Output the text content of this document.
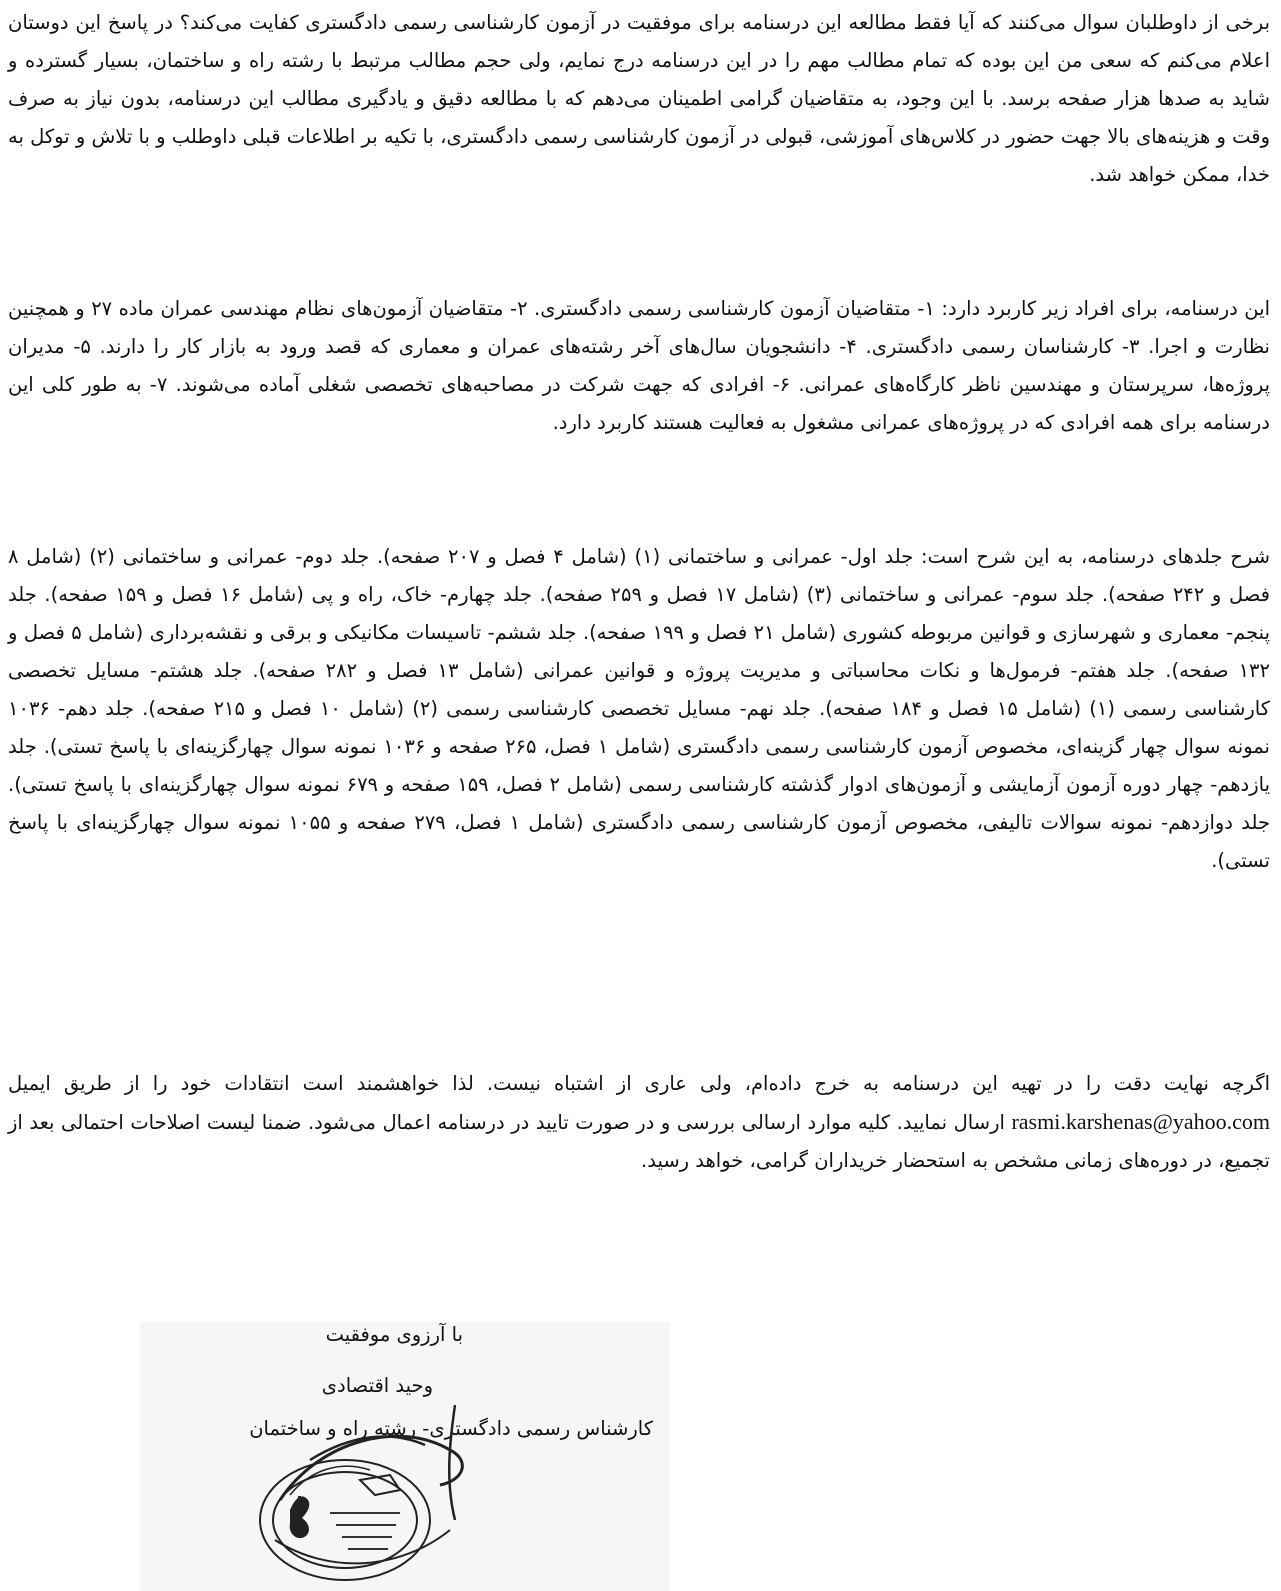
برخی از داوطلبان سوال می‌کنند که آیا فقط مطالعه این درسنامه برای موفقیت در آزمون کارشناسی رسمی دادگستری کفایت می‌کند؟ در پاسخ این دوستان اعلام می‌کنم که سعی من این بوده که تمام مطالب مهم را در این درسنامه درج نمایم، ولی حجم مطالب مرتبط با رشته راه و ساختمان، بسیار گسترده و شاید به صدها هزار صفحه برسد. با این وجود، به متقاضیان گرامی اطمینان می‌دهم که با مطالعه دقیق و یادگیری مطالب این درسنامه، بدون نیاز به صرف وقت و هزینه‌های بالا جهت حضور در کلاس‌های آموزشی، قبولی در آزمون کارشناسی رسمی دادگستری، با تکیه بر اطلاعات قبلی داوطلب و با تلاش و توکل به خدا، ممکن خواهد شد.

این درسنامه، برای افراد زیر کاربرد دارد: ۱- متقاضیان آزمون کارشناسی رسمی دادگستری. ۲- متقاضیان آزمون‌های نظام مهندسی عمران ماده ۲۷ و همچنین نظارت و اجرا. ۳- کارشناسان رسمی دادگستری. ۴- دانشجویان سال‌های آخر رشته‌های عمران و معماری که قصد ورود به بازار کار را دارند. ۵- مدیران پروژه‌ها، سرپرستان و مهندسین ناظر کارگاه‌های عمرانی. ۶- افرادی که جهت شرکت در مصاحبه‌های تخصصی شغلی آماده می‌شوند. ۷- به طور کلی این درسنامه برای همه افرادی که در پروژه‌های عمرانی مشغول به فعالیت هستند کاربرد دارد.

شرح جلدهای درسنامه، به این شرح است: جلد اول- عمرانی و ساختمانی (۱) (شامل ۴ فصل و ۲۰۷ صفحه). جلد دوم- عمرانی و ساختمانی (۲) (شامل ۸ فصل و ۲۴۲ صفحه). جلد سوم- عمرانی و ساختمانی (۳) (شامل ۱۷ فصل و ۲۵۹ صفحه). جلد چهارم- خاک، راه و پی (شامل ۱۶ فصل و ۱۵۹ صفحه). جلد پنجم- معماری و شهرسازی و قوانین مربوطه کشوری (شامل ۲۱ فصل و ۱۹۹ صفحه). جلد ششم- تاسیسات مکانیکی و برقی و نقشه‌برداری (شامل ۵ فصل و ۱۳۲ صفحه). جلد هفتم- فرمول‌ها و نکات محاسباتی و مدیریت پروژه و قوانین عمرانی (شامل ۱۳ فصل و ۲۸۲ صفحه). جلد هشتم- مسایل تخصصی کارشناسی رسمی (۱) (شامل ۱۵ فصل و ۱۸۴ صفحه). جلد نهم- مسایل تخصصی کارشناسی رسمی (۲) (شامل ۱۰ فصل و ۲۱۵ صفحه). جلد دهم- ۱۰۳۶ نمونه سوال چهار گزینه‌ای، مخصوص آزمون کارشناسی رسمی دادگستری (شامل ۱ فصل، ۲۶۵ صفحه و ۱۰۳۶ نمونه سوال چهارگزینه‌ای با پاسخ تستی). جلد یازدهم- چهار دوره آزمون آزمایشی و آزمون‌های ادوار گذشته کارشناسی رسمی (شامل ۲ فصل، ۱۵۹ صفحه و ۶۷۹ نمونه سوال چهارگزینه‌ای با پاسخ تستی). جلد دوازدهم- نمونه سوالات تالیفی، مخصوص آزمون کارشناسی رسمی دادگستری (شامل ۱ فصل، ۲۷۹ صفحه و ۱۰۵۵ نمونه سوال چهارگزینه‌ای با پاسخ تستی).

اگرچه نهایت دقت را در تهیه این درسنامه به خرج داده‌ام، ولی عاری از اشتباه نیست. لذا خواهشمند است انتقادات خود را از طریق ایمیل rasmi.karshenas@yahoo.com ارسال نمایید. کلیه موارد ارسالی بررسی و در صورت تایید در درسنامه اعمال می‌شود. ضمنا لیست اصلاحات احتمالی بعد از تجمیع، در دوره‌های زمانی مشخص به استحضار خریداران گرامی، خواهد رسید.

با آرزوی موفقیت
وحید اقتصادی
کارشناس رسمی دادگستری- رشته راه و ساختمان
